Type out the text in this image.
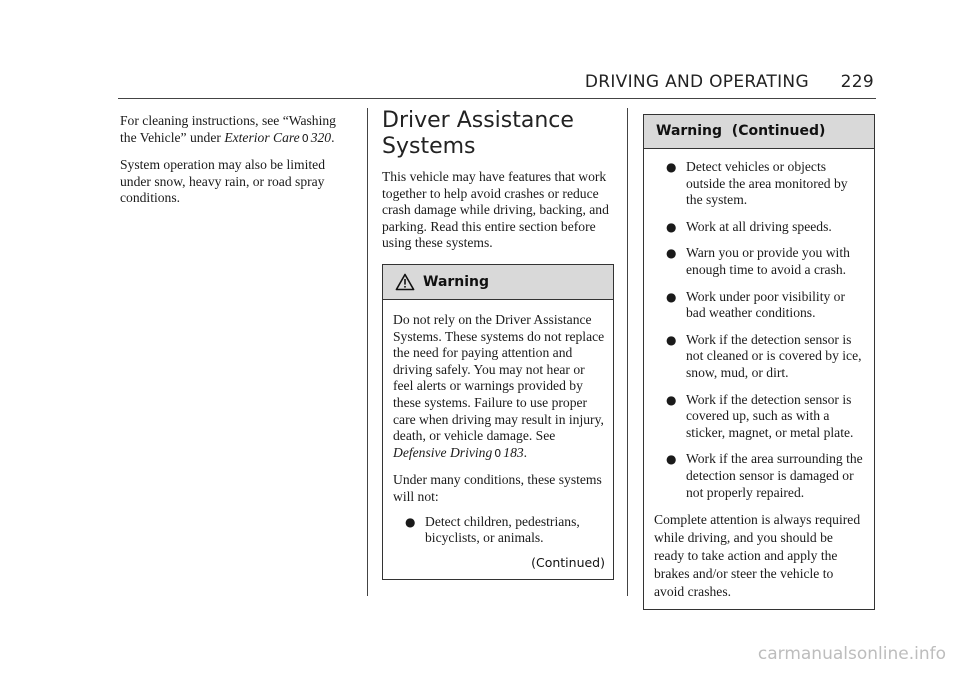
DRIVING AND OPERATING 229

For cleaning instructions, see “Washing the Vehicle” under Exterior Care 0 320.

System operation may also be limited under snow, heavy rain, or road spray conditions.

Driver Assistance Systems

This vehicle may have features that work together to help avoid crashes or reduce crash damage while driving, backing, and parking. Read this entire section before using these systems.

Warning

Do not rely on the Driver Assistance Systems. These systems do not replace the need for paying attention and driving safely. You may not hear or feel alerts or warnings provided by these systems. Failure to use proper care when driving may result in injury, death, or vehicle damage. See Defensive Driving 0 183.

Under many conditions, these systems will not:

● Detect children, pedestrians, bicyclists, or animals.
(Continued)
Warning  (Continued)
● Detect vehicles or objects outside the area monitored by the system.
● Work at all driving speeds.
● Warn you or provide you with enough time to avoid a crash.
● Work under poor visibility or bad weather conditions.
● Work if the detection sensor is not cleaned or is covered by ice, snow, mud, or dirt.
● Work if the detection sensor is covered up, such as with a sticker, magnet, or metal plate.
● Work if the area surrounding the detection sensor is damaged or not properly repaired.

Complete attention is always required while driving, and you should be ready to take action and apply the brakes and/or steer the vehicle to avoid crashes.

carmanualsonline.info
